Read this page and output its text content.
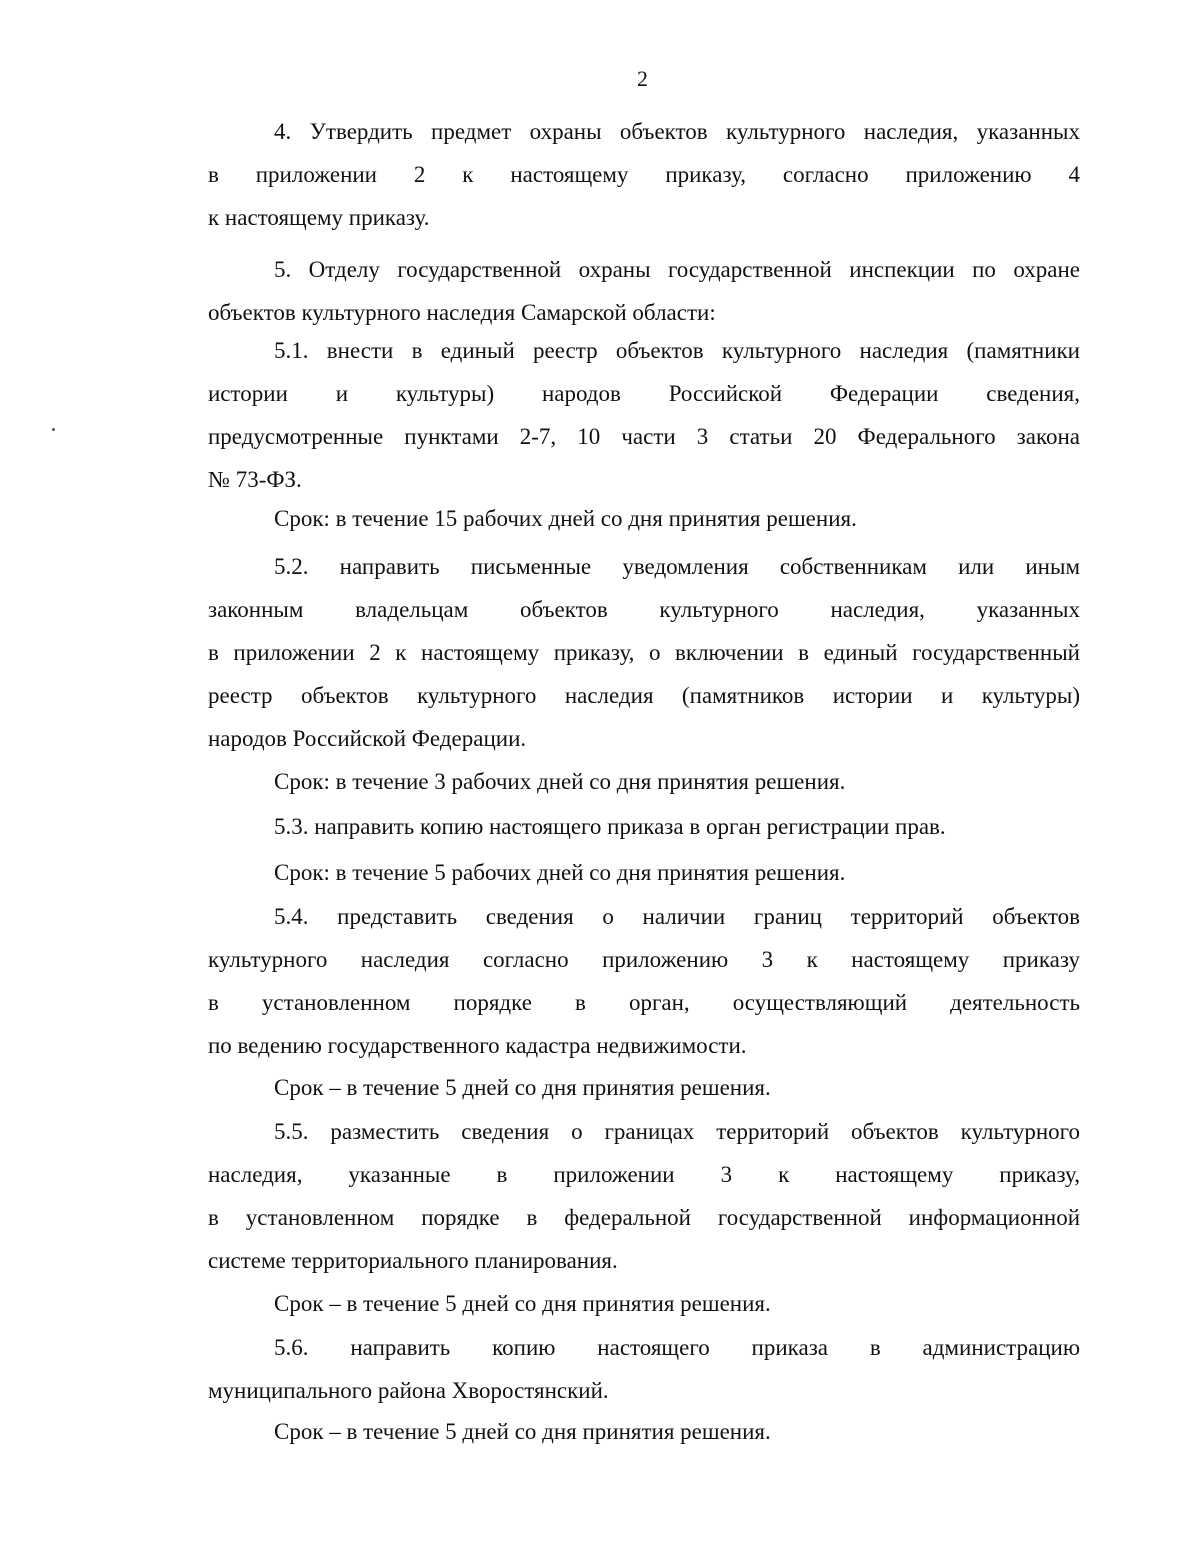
2
4. Утвердить предмет охраны объектов культурного наследия, указанных
в приложении 2 к настоящему приказу, согласно приложению 4
к настоящему приказу.
5. Отделу государственной охраны государственной инспекции по охране
объектов культурного наследия Самарской области:
5.1. внести в единый реестр объектов культурного наследия (памятники
истории и культуры) народов Российской Федерации сведения,
предусмотренные пунктами 2-7, 10 части 3 статьи 20 Федерального закона
№ 73-ФЗ.
Срок: в течение 15 рабочих дней со дня принятия решения.
5.2. направить письменные уведомления собственникам или иным
законным владельцам объектов культурного наследия, указанных
в приложении 2 к настоящему приказу, о включении в единый государственный
реестр объектов культурного наследия (памятников истории и культуры)
народов Российской Федерации.
Срок: в течение 3 рабочих дней со дня принятия решения.
5.3. направить копию настоящего приказа в орган регистрации прав.
Срок: в течение 5 рабочих дней со дня принятия решения.
5.4. представить сведения о наличии границ территорий объектов
культурного наследия согласно приложению 3 к настоящему приказу
в установленном порядке в орган, осуществляющий деятельность
по ведению государственного кадастра недвижимости.
Срок – в течение 5 дней со дня принятия решения.
5.5. разместить сведения о границах территорий объектов культурного
наследия, указанные в приложении 3 к настоящему приказу,
в установленном порядке в федеральной государственной информационной
системе территориального планирования.
Срок – в течение 5 дней со дня принятия решения.
5.6. направить копию настоящего приказа в администрацию
муниципального района Хворостянский.
Срок – в течение 5 дней со дня принятия решения.
